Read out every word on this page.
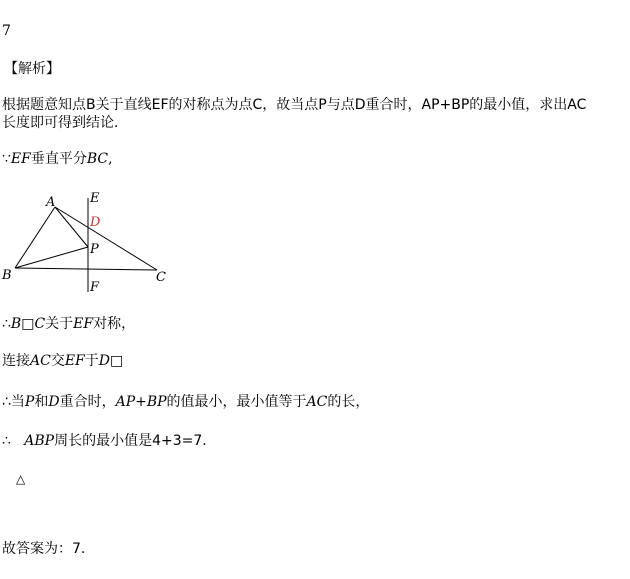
7
【解析】
根据题意知点B关于直线EF的对称点为点C，故当点P与点D重合时，AP+BP的最小值，求出AC
长度即可得到结论．
∵EF垂直平分BC,
A	E
D
P
B	C
F
∴B□C关于EF对称，
连接AC交EF于D□
∴当P和D重合时，AP+BP的值最小，最小值等于AC的长，
∴ ABP周长的最小值是4+3=7.
△
故答案为：7.
